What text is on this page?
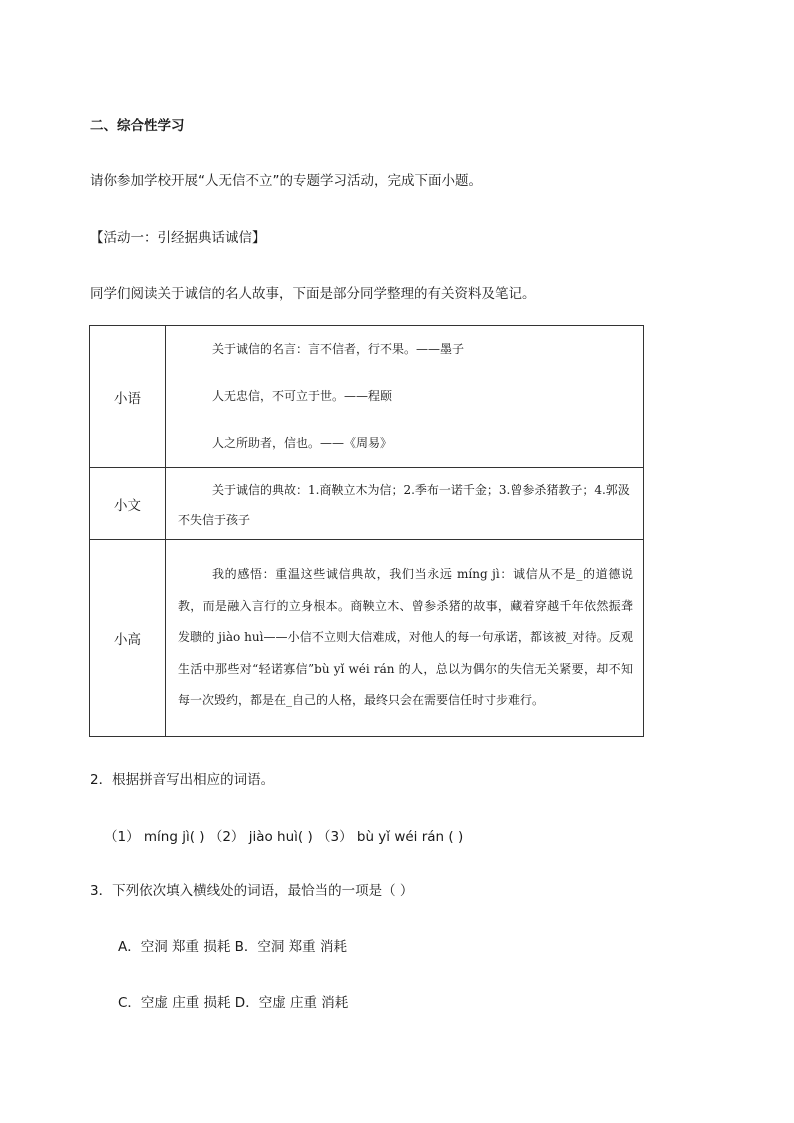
二、综合性学习
请你参加学校开展“人无信不立”的专题学习活动，完成下面小题。
【活动一：引经据典话诚信】
同学们阅读关于诚信的名人故事，下面是部分同学整理的有关资料及笔记。
小语	关于诚信的名言：言不信者，行不果。——墨子
人无忠信，不可立于世。——程颐
人之所助者，信也。——《周易》

小文	关于诚信的典故：1.商鞅立木为信；2.季布一诺千金；3.曾参杀猪教子；4.郭汲不失信于孩子

小高	我的感悟：重温这些诚信典故，我们当永远 míng jì：诚信从不是_的道德说教，而是融入言行的立身根本。商鞅立木、曾参杀猪的故事，藏着穿越千年依然振聋发聩的 jiào huì——小信不立则大信难成，对他人的每一句承诺，都该被_对待。反观生活中那些对“轻诺寡信”bù yǐ wéi rán 的人，总以为偶尔的失信无关紧要，却不知每一次毁约，都是在_自己的人格，最终只会在需要信任时寸步难行。
2．根据拼音写出相应的词语。
（1） míng jì( ) （2） jiào huì( ) （3） bù yǐ wéi rán ( )
3．下列依次填入横线处的词语，最恰当的一项是（ ）
A．空洞 郑重 损耗 B．空洞 郑重 消耗
C．空虚 庄重 损耗 D．空虚 庄重 消耗
